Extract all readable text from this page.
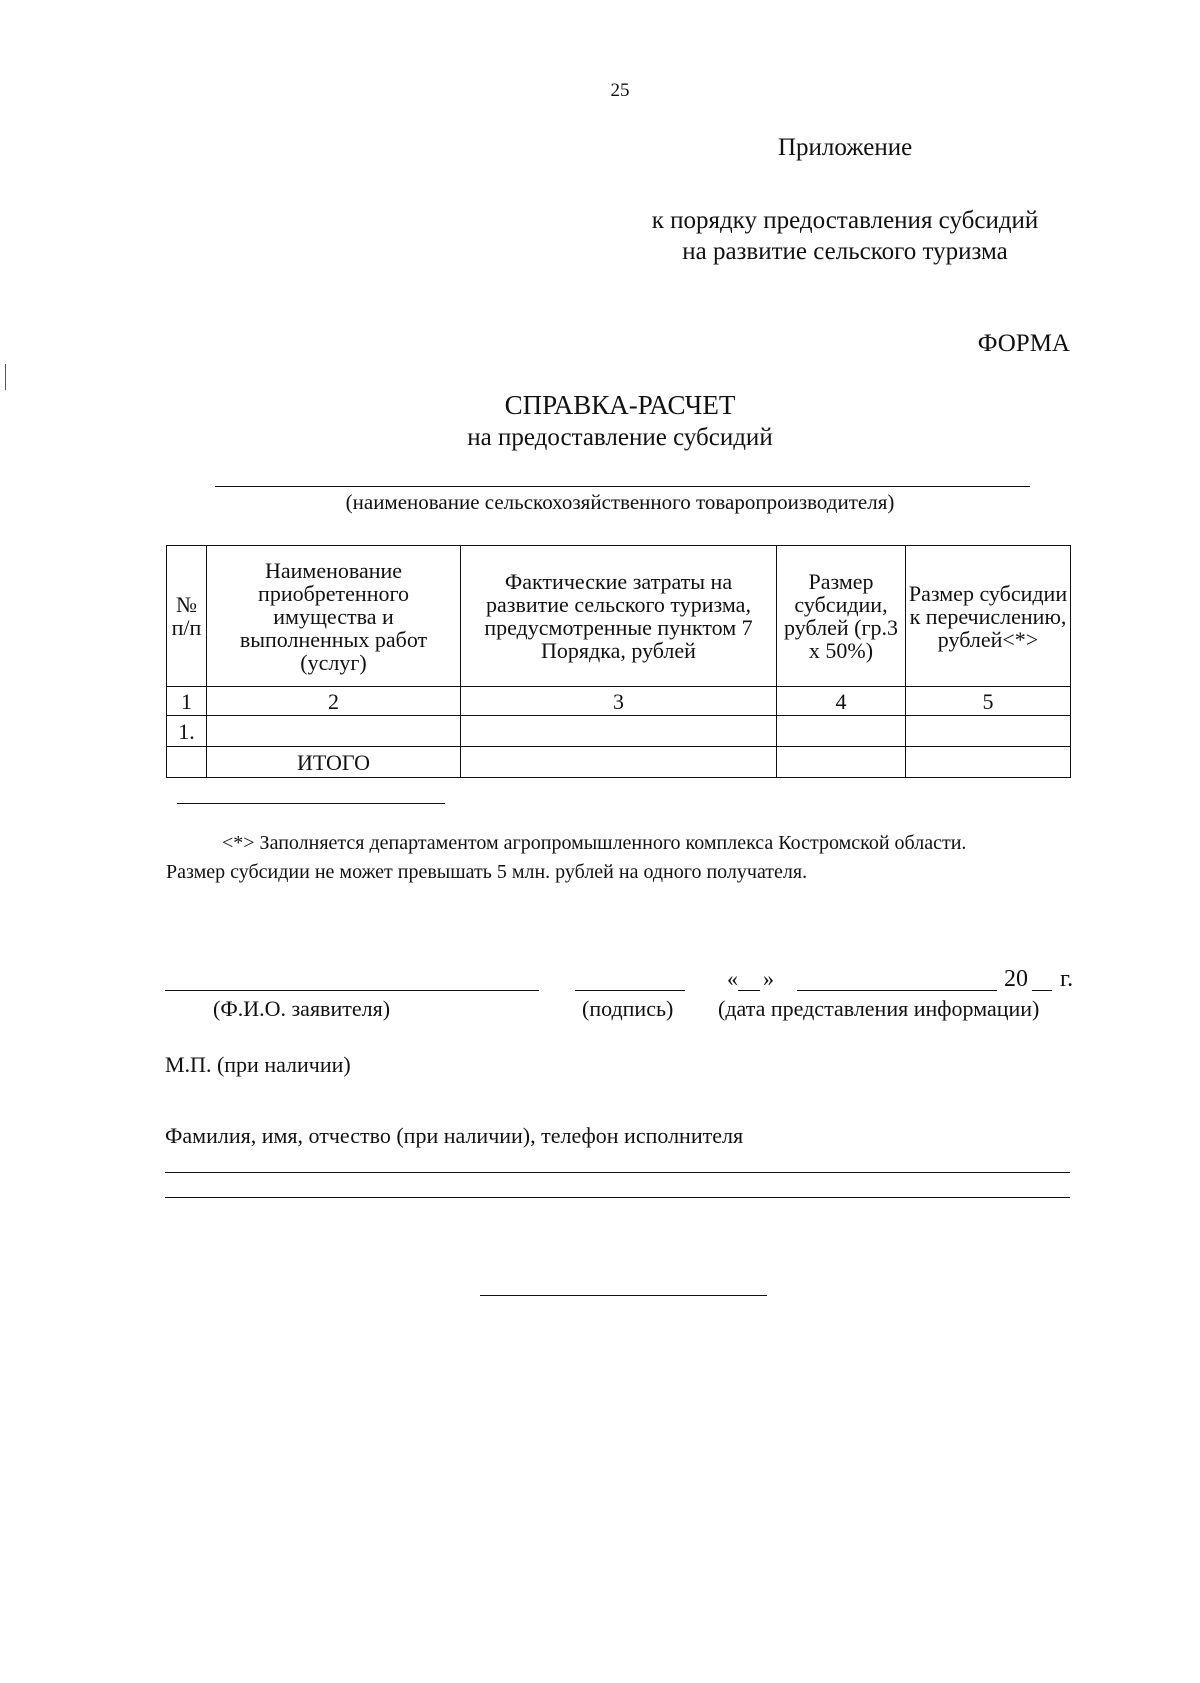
25
Приложение
к порядку предоставления субсидий
на развитие сельского туризма
ФОРМА
СПРАВКА-РАСЧЕТ
на предоставление субсидий
(наименование сельскохозяйственного товаропроизводителя)
№ п/п	Наименование приобретенного имущества и выполненных работ (услуг)	Фактические затраты на развитие сельского туризма, предусмотренные пунктом 7 Порядка, рублей	Размер субсидии, рублей (гр.3 х 50%)	Размер субсидии к перечислению, рублей<*>
1	2	3	4	5
1.				
	ИТОГО			
<*> Заполняется департаментом агропромышленного комплекса Костромской области.
Размер субсидии не может превышать 5 млн. рублей на одного получателя.
« »	20 г.
(Ф.И.О. заявителя)	(подпись) (дата представления информации)
М.П. (при наличии)
Фамилия, имя, отчество (при наличии), телефон исполнителя
